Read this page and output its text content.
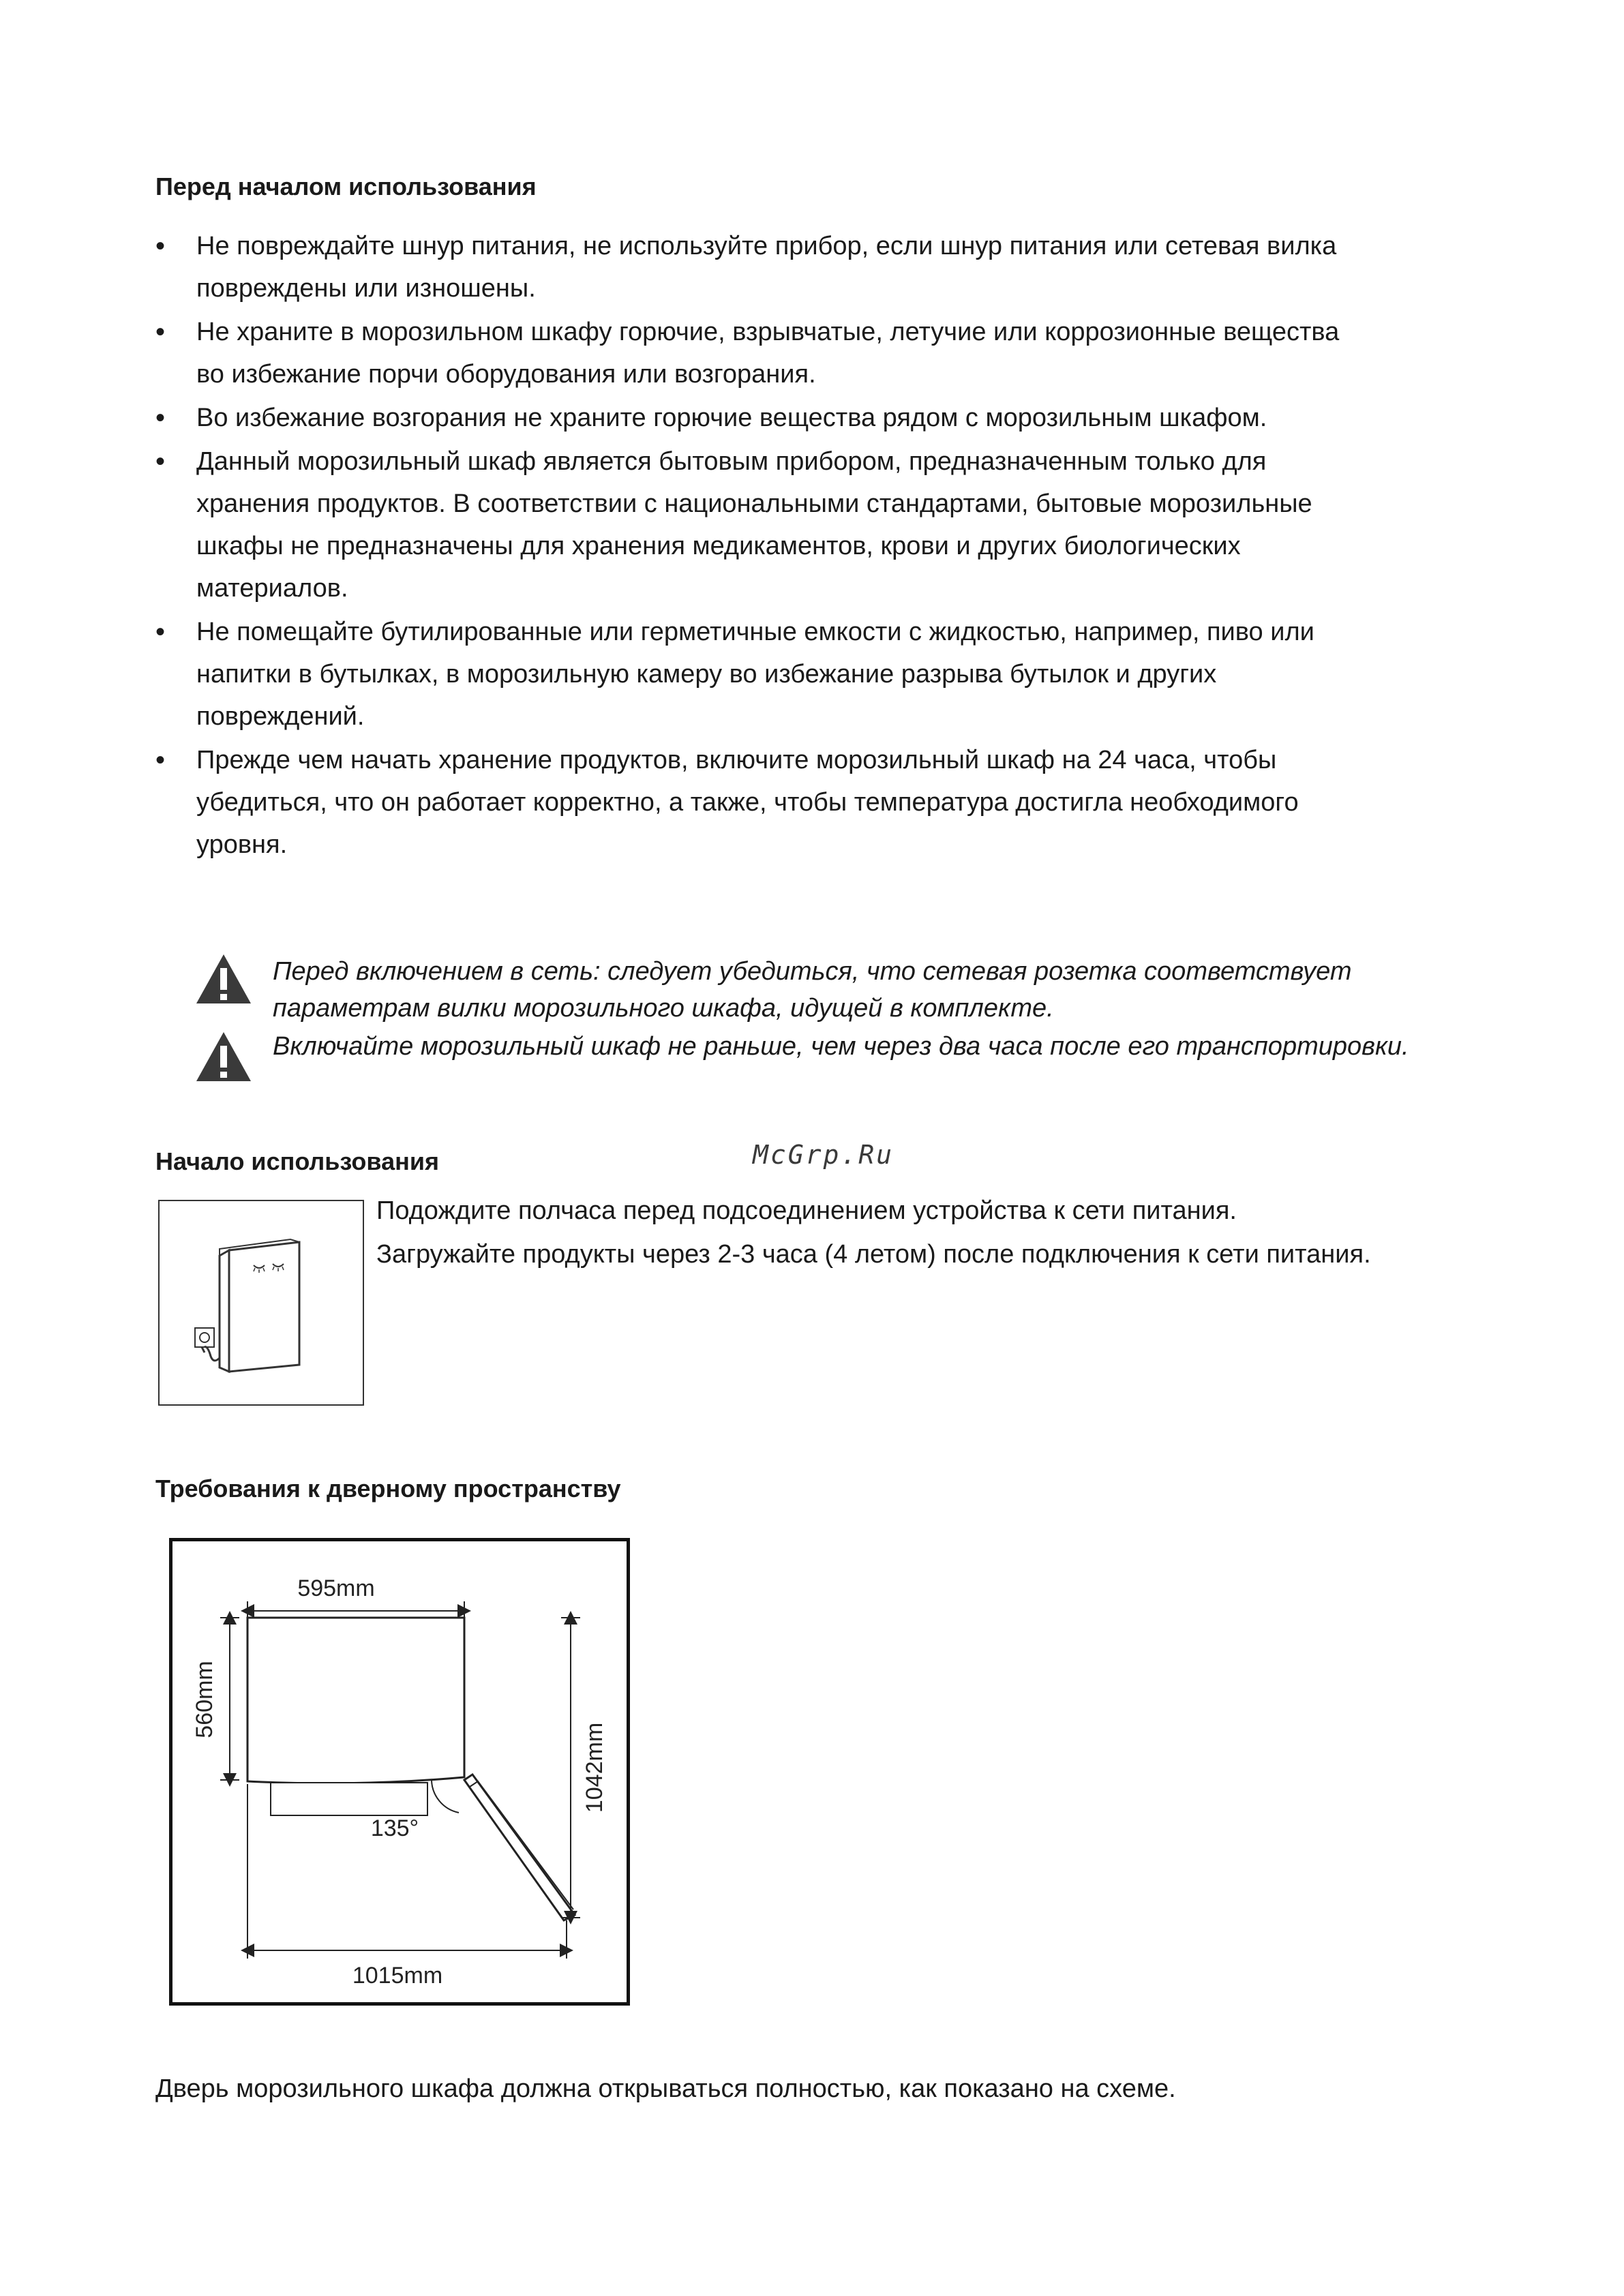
Перед началом использования
• Не повреждайте шнур питания, не используйте прибор, если шнур питания или сетевая вилка повреждены или изношены.
• Не храните в морозильном шкафу горючие, взрывчатые, летучие или коррозионные вещества во избежание порчи оборудования или возгорания.
• Во избежание возгорания не храните горючие вещества рядом с морозильным шкафом.
• Данный морозильный шкаф является бытовым прибором, предназначенным только для хранения продуктов. В соответствии с национальными стандартами, бытовые морозильные шкафы не предназначены для хранения медикаментов, крови и других биологических материалов.
• Не помещайте бутилированные или герметичные емкости с жидкостью, например, пиво или напитки в бутылках, в морозильную камеру во избежание разрыва бутылок и других повреждений.
• Прежде чем начать хранение продуктов, включите морозильный шкаф на 24 часа, чтобы убедиться, что он работает корректно, а также, чтобы температура достигла необходимого уровня.
Перед включением в сеть: следует убедиться, что сетевая розетка соответствует параметрам вилки морозильного шкафа, идущей в комплекте.
Включайте морозильный шкаф не раньше, чем через два часа после его транспортировки.
Начало использования	McGrp.Ru
Подождите полчаса перед подсоединением устройства к сети питания.
Загружайте продукты через 2-3 часа (4 летом) после подключения к сети питания.
Требования к дверному пространству
595mm
560mm
135°
1042mm
1015mm
Дверь морозильного шкафа должна открываться полностью, как показано на схеме.
